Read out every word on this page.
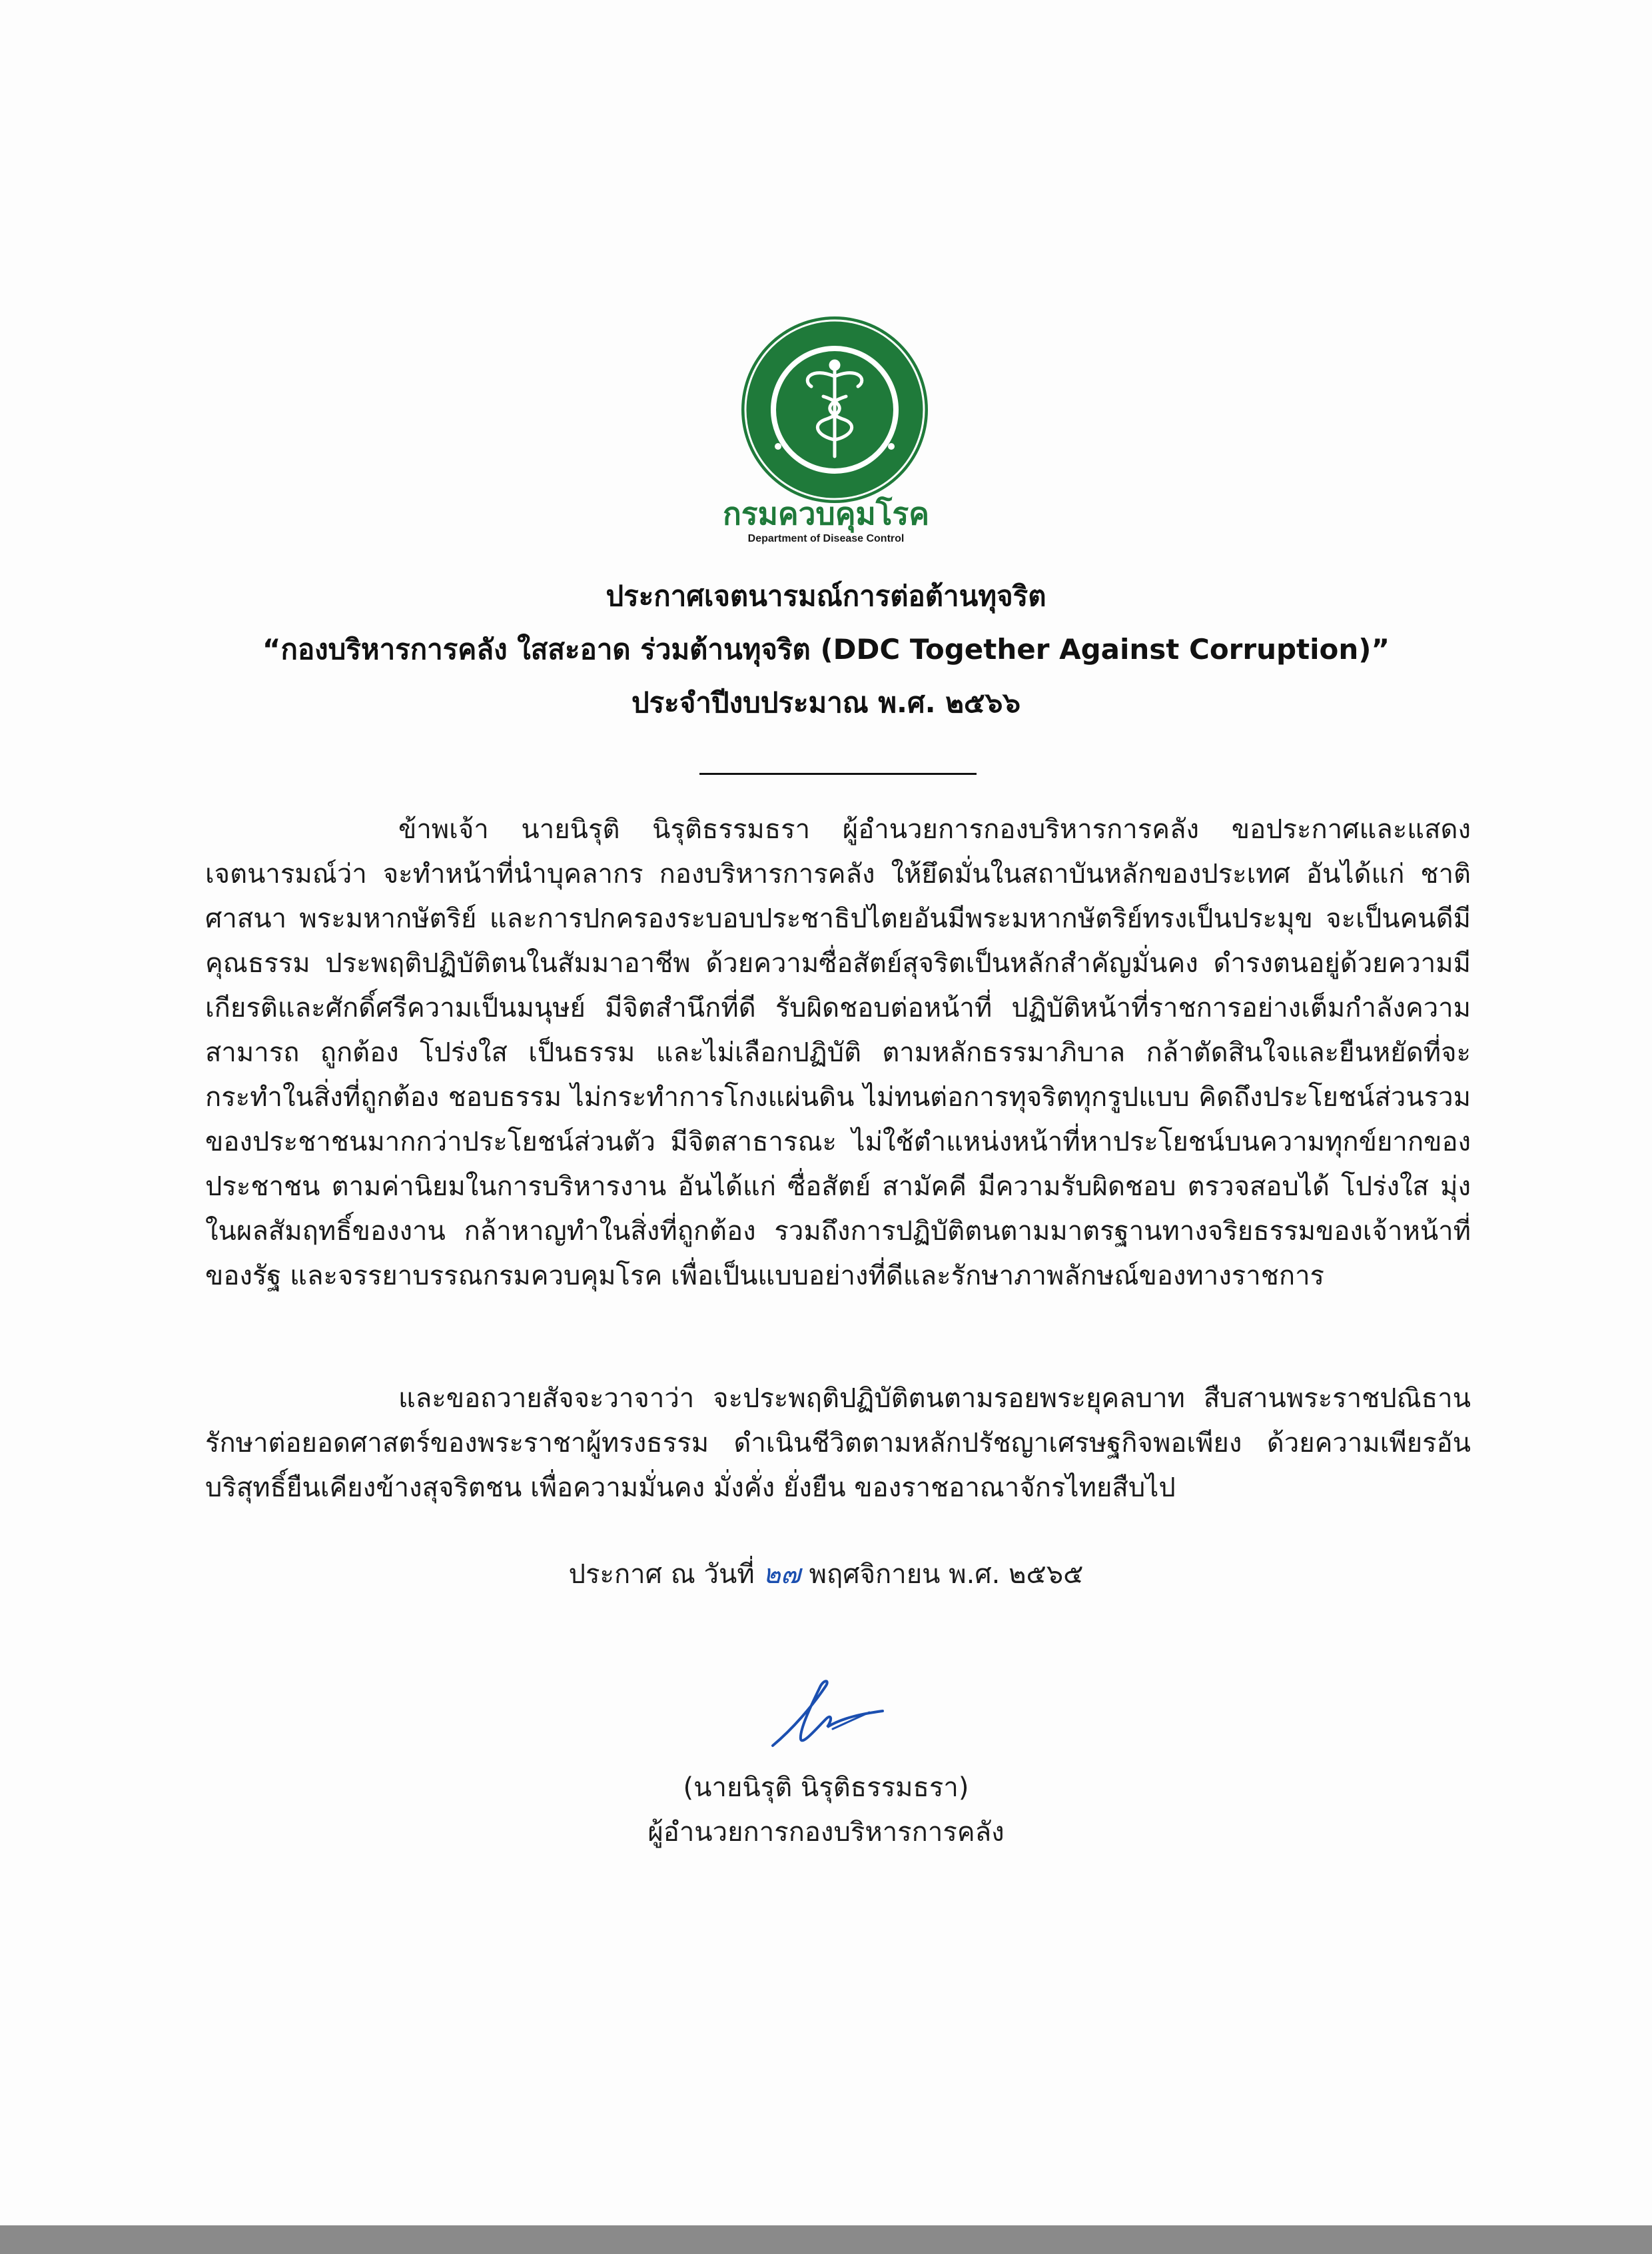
กรมควบคุมโรค
Department of Disease Control
ประกาศเจตนารมณ์การต่อต้านทุจริต
“กองบริหารการคลัง ใสสะอาด ร่วมต้านทุจริต (DDC Together Against Corruption)”
ประจำปีงบประมาณ พ.ศ. ๒๕๖๖
ข้าพเจ้า นายนิรุติ นิรุติธรรมธรา ผู้อำนวยการกองบริหารการคลัง ขอประกาศและแสดงเจตนารมณ์ว่า จะทำหน้าที่นำบุคลากร กองบริหารการคลัง ให้ยึดมั่นในสถาบันหลักของประเทศ อันได้แก่ ชาติ ศาสนา พระมหากษัตริย์ และการปกครองระบอบประชาธิปไตยอันมีพระมหากษัตริย์ทรงเป็นประมุข จะเป็นคนดีมีคุณธรรม ประพฤติปฏิบัติตนในสัมมาอาชีพ ด้วยความซื่อสัตย์สุจริตเป็นหลักสำคัญมั่นคง ดำรงตนอยู่ด้วยความมีเกียรติและศักดิ์ศรีความเป็นมนุษย์ มีจิตสำนึกที่ดี รับผิดชอบต่อหน้าที่ ปฏิบัติหน้าที่ราชการอย่างเต็มกำลังความสามารถ ถูกต้อง โปร่งใส เป็นธรรม และไม่เลือกปฏิบัติ ตามหลักธรรมาภิบาล กล้าตัดสินใจและยืนหยัดที่จะกระทำในสิ่งที่ถูกต้อง ชอบธรรม ไม่กระทำการโกงแผ่นดิน ไม่ทนต่อการทุจริตทุกรูปแบบ คิดถึงประโยชน์ส่วนรวมของประชาชนมากกว่าประโยชน์ส่วนตัว มีจิตสาธารณะ ไม่ใช้ตำแหน่งหน้าที่หาประโยชน์บนความทุกข์ยากของประชาชน ตามค่านิยมในการบริหารงาน อันได้แก่ ซื่อสัตย์ สามัคคี มีความรับผิดชอบ ตรวจสอบได้ โปร่งใส มุ่งในผลสัมฤทธิ์ของงาน กล้าหาญทำในสิ่งที่ถูกต้อง รวมถึงการปฏิบัติตนตามมาตรฐานทางจริยธรรมของเจ้าหน้าที่ของรัฐ และจรรยาบรรณกรมควบคุมโรค เพื่อเป็นแบบอย่างที่ดีและรักษาภาพลักษณ์ของทางราชการ
และขอถวายสัจจะวาจาว่า จะประพฤติปฏิบัติตนตามรอยพระยุคลบาท สืบสานพระราชปณิธานรักษาต่อยอดศาสตร์ของพระราชาผู้ทรงธรรม ดำเนินชีวิตตามหลักปรัชญาเศรษฐกิจพอเพียง ด้วยความเพียรอันบริสุทธิ์ยืนเคียงข้างสุจริตชน เพื่อความมั่นคง มั่งคั่ง ยั่งยืน ของราชอาณาจักรไทยสืบไป
ประกาศ ณ วันที่ ๒๗ พฤศจิกายน พ.ศ. ๒๕๖๕
(นายนิรุติ นิรุติธรรมธรา)
ผู้อำนวยการกองบริหารการคลัง
